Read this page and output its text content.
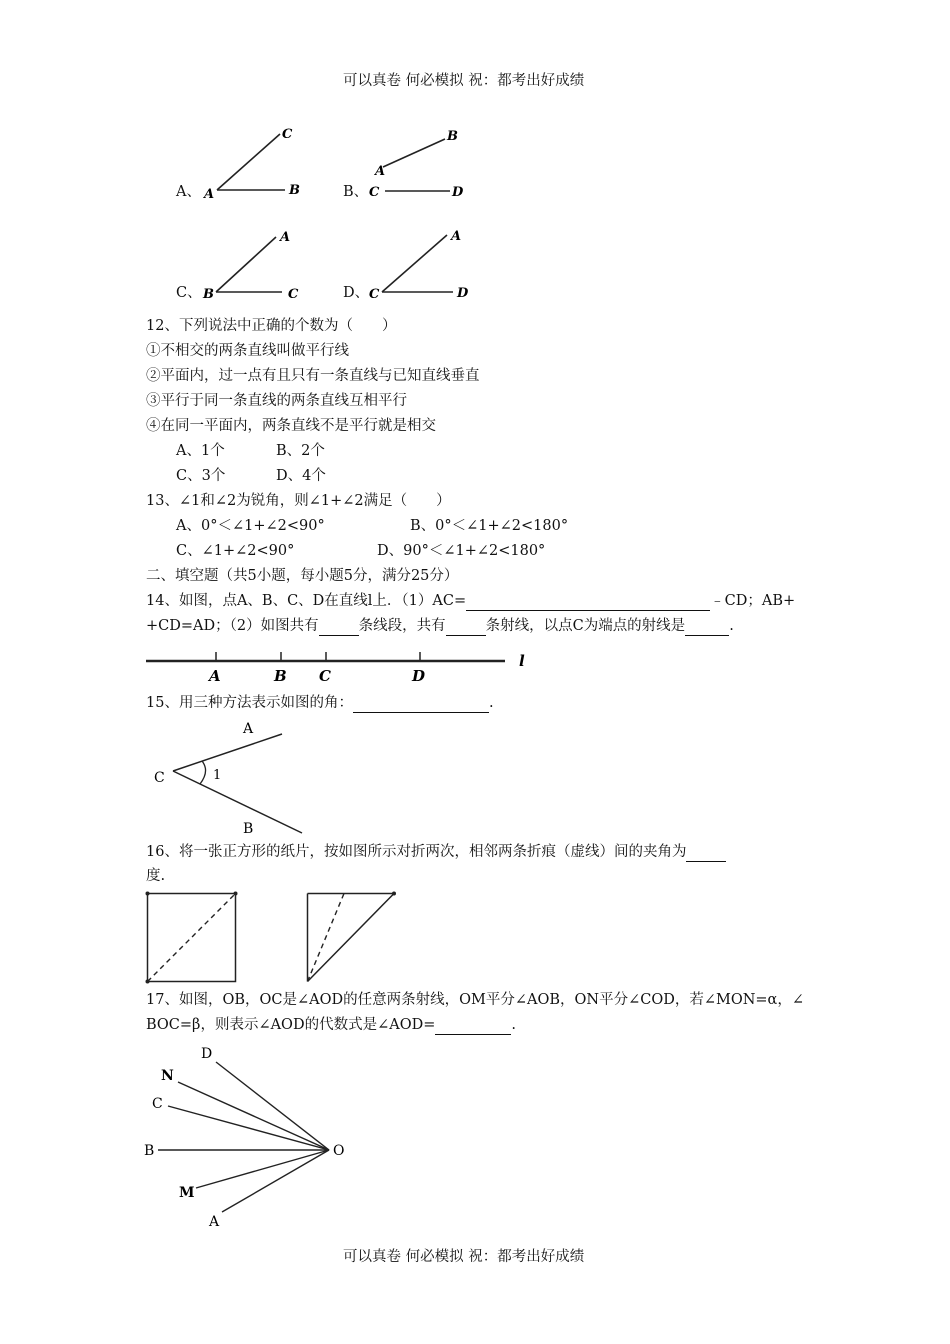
可以真卷 何必模拟 祝：都考出好成绩
A、 A	B
C
B、
A
B
C	D
C、
A
B	C	D、
A
C	D
12、下列说法中正确的个数为（　　）
①不相交的两条直线叫做平行线
②平面内，过一点有且只有一条直线与已知直线垂直
③平行于同一条直线的两条直线互相平行
④在同一平面内，两条直线不是平行就是相交
A、1个	B、2个
C、3个	D、4个
13、∠1和∠2为锐角，则∠1+∠2满足（　　）
A、0°＜∠1+∠2<90°	B、0°＜∠1+∠2<180°
C、∠1+∠2<90°	D、90°＜∠1+∠2<180°
二、填空题（共5小题，每小题5分，满分25分）
14、如图，点A、B、C、D在直线l上．（1）AC=	﹣CD；AB+
+CD=AD；（2）如图共有	条线段，共有	条射线，以点C为端点的射线是	.
A	B C	D
l
15、用三种方法表示如图的角：	.
A
C
B
1
16、将一张正方形的纸片，按如图所示对折两次，相邻两条折痕（虚线）间的夹角为
度.
17、如图，OB，OC是∠AOD的任意两条射线，OM平分∠AOB，ON平分∠COD，若∠MON=α，∠
BOC=β，则表示∠AOD的代数式是∠AOD=	.
D
N
C
B	O
M
A
可以真卷 何必模拟 祝：都考出好成绩
